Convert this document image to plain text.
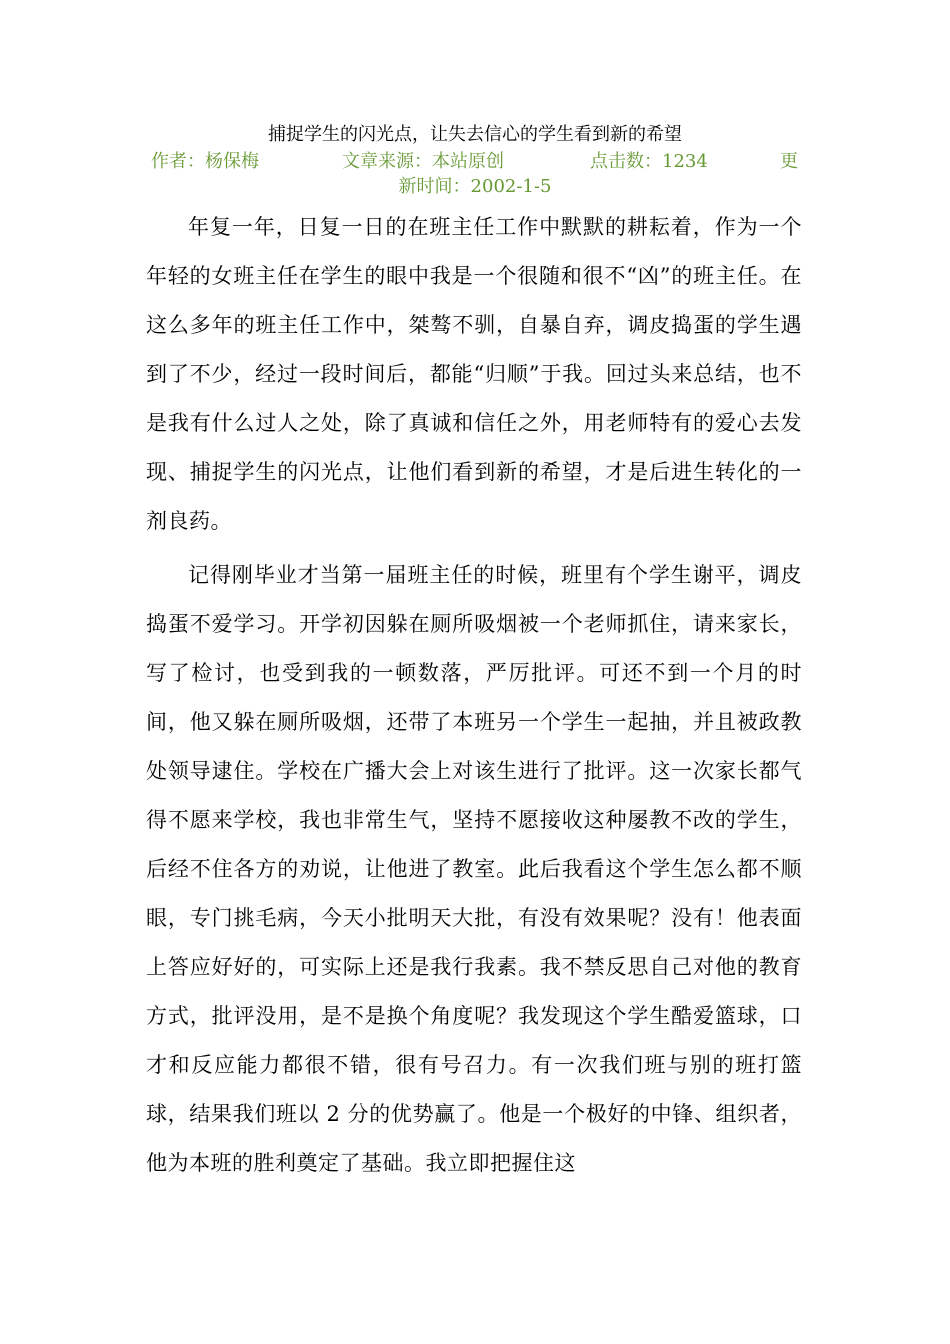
捕捉学生的闪光点，让失去信心的学生看到新的希望
作者：杨保梅	文章来源：本站原创	点击数：1234	更
新时间：2002-1-5

年复一年，日复一日的在班主任工作中默默的耕耘着，作为一个年轻的女班主任在学生的眼中我是一个很随和很不“凶”的班主任。在这么多年的班主任工作中，桀骜不驯，自暴自弃，调皮捣蛋的学生遇到了不少，经过一段时间后，都能“归顺”于我。回过头来总结，也不是我有什么过人之处，除了真诚和信任之外，用老师特有的爱心去发现、捕捉学生的闪光点，让他们看到新的希望，才是后进生转化的一剂良药。

记得刚毕业才当第一届班主任的时候，班里有个学生谢平，调皮捣蛋不爱学习。开学初因躲在厕所吸烟被一个老师抓住，请来家长，写了检讨，也受到我的一顿数落，严厉批评。可还不到一个月的时间，他又躲在厕所吸烟，还带了本班另一个学生一起抽，并且被政教处领导逮住。学校在广播大会上对该生进行了批评。这一次家长都气得不愿来学校，我也非常生气，坚持不愿接收这种屡教不改的学生，后经不住各方的劝说，让他进了教室。此后我看这个学生怎么都不顺眼，专门挑毛病，今天小批明天大批，有没有效果呢？没有！他表面上答应好好的，可实际上还是我行我素。我不禁反思自己对他的教育方式，批评没用，是不是换个角度呢？我发现这个学生酷爱篮球，口才和反应能力都很不错，很有号召力。有一次我们班与别的班打篮球，结果我们班以 2 分的优势赢了。他是一个极好的中锋、组织者，他为本班的胜利奠定了基础。我立即把握住这
